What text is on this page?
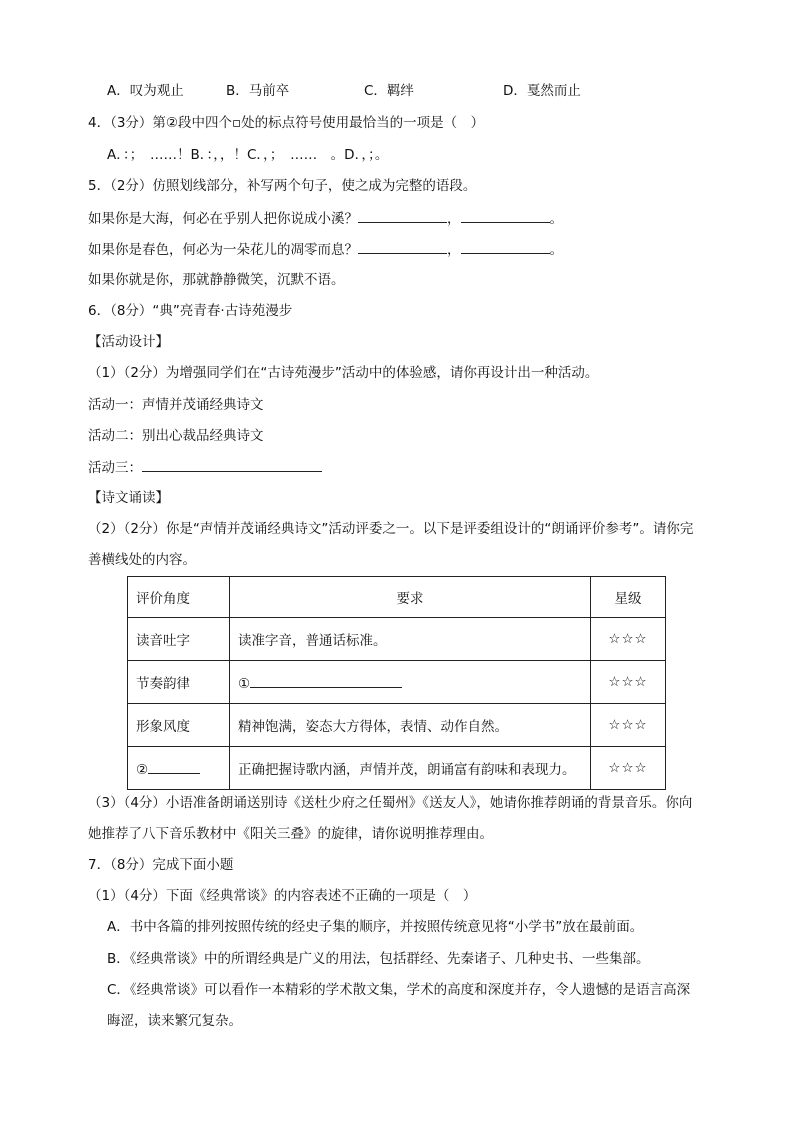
A．叹为观止	B．马前卒	C．羁绊	D．戛然而止
4．（3分）第②段中四个▫处的标点符号使用最恰当的一项是（　）
A．：；　……！B．：，，！C．，；　……　。D．，；。
5．（2分）仿照划线部分，补写两个句子，使之成为完整的语段。
如果你是大海，何必在乎别人把你说成小溪？	，	。
如果你是春色，何必为一朵花儿的凋零而息？	，	。
如果你就是你，那就静静微笑，沉默不语。
6．（8分）“典”亮青春·古诗苑漫步
【活动设计】
（1）（2分）为增强同学们在“古诗苑漫步”活动中的体验感，请你再设计出一种活动。
活动一：声情并茂诵经典诗文
活动二：别出心裁品经典诗文
活动三：
【诗文诵读】
（2）（2分）你是“声情并茂诵经典诗文”活动评委之一。以下是评委组设计的“朗诵评价参考”。请你完
善横线处的内容。
评价角度	要求	星级
读音吐字	读准字音，普通话标准。	☆☆☆
节奏韵律	①	☆☆☆
形象风度	精神饱满，姿态大方得体，表情、动作自然。	☆☆☆
②	正确把握诗歌内涵，声情并茂，朗诵富有韵味和表现力。	☆☆☆
（3）（4分）小语准备朗诵送别诗《送杜少府之任蜀州》《送友人》，她请你推荐朗诵的背景音乐。你向
她推荐了八下音乐教材中《阳关三叠》的旋律，请你说明推荐理由。
7．（8分）完成下面小题
（1）（4分）下面《经典常谈》的内容表述不正确的一项是（　）
A．书中各篇的排列按照传统的经史子集的顺序，并按照传统意见将“小学书”放在最前面。
B．《经典常谈》中的所谓经典是广义的用法，包括群经、先秦诸子、几种史书、一些集部。
C．《经典常谈》可以看作一本精彩的学术散文集，学术的高度和深度并存，令人遗憾的是语言高深
晦涩，读来繁冗复杂。
